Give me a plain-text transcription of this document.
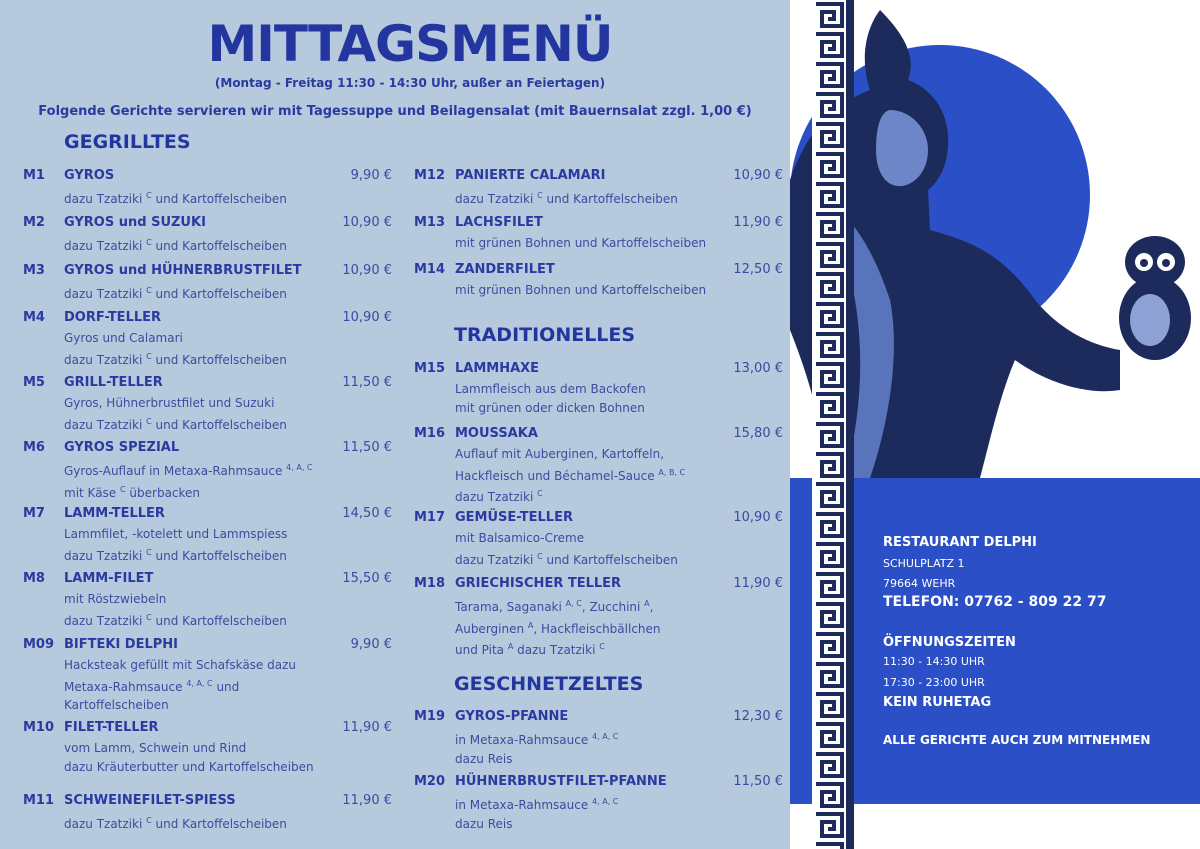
MITTAGSMENÜ
(Montag - Freitag 11:30 - 14:30 Uhr, außer an Feiertagen)
Folgende Gerichte servieren wir mit Tagessuppe und Beilagensalat (mit Bauernsalat zzgl. 1,00 €)
GEGRILLTES
TRADITIONELLES
GESCHNETZELTES
M1 GYROS	9,90 €
dazu Tzatziki $^C$ und Kartoffelscheiben
M2 GYROS und SUZUKI	10,90 €
dazu Tzatziki $^C$ und Kartoffelscheiben
M3 GYROS und HÜHNERBRUSTFILET	10,90 €
dazu Tzatziki $^C$ und Kartoffelscheiben
M4 DORF-TELLER	10,90 €
Gyros und Calamari
dazu Tzatziki $^C$ und Kartoffelscheiben
M5 GRILL-TELLER	11,50 €
Gyros, Hühnerbrustfilet und Suzuki
dazu Tzatziki $^C$ und Kartoffelscheiben
M6 GYROS SPEZIAL	11,50 €
Gyros-Auflauf in Metaxa-Rahmsauce $^{4, A, C}$
mit Käse $^C$ überbacken
M7 LAMM-TELLER	14,50 €
Lammfilet, -kotelett und Lammspiess
dazu Tzatziki $^C$ und Kartoffelscheiben
M8 LAMM-FILET	15,50 €
mit Röstzwiebeln
dazu Tzatziki $^C$ und Kartoffelscheiben
M09 BIFTEKI DELPHI	9,90 €
Hacksteak gefüllt mit Schafskäse dazu
Metaxa-Rahmsauce $^{4, A, C}$ und
Kartoffelscheiben
M10 FILET-TELLER	11,90 €
vom Lamm, Schwein und Rind
dazu Kräuterbutter und Kartoffelscheiben
M11 SCHWEINEFILET-SPIESS	11,90 €
dazu Tzatziki $^C$ und Kartoffelscheiben
M12 PANIERTE CALAMARI	10,90 €
dazu Tzatziki $^C$ und Kartoffelscheiben
M13 LACHSFILET	11,90 €
mit grünen Bohnen und Kartoffelscheiben
M14 ZANDERFILET	12,50 €
mit grünen Bohnen und Kartoffelscheiben
M15 LAMMHAXE	13,00 €
Lammfleisch aus dem Backofen
mit grünen oder dicken Bohnen
M16 MOUSSAKA	15,80 €
Auflauf mit Auberginen, Kartoffeln,
Hackfleisch und Béchamel-Sauce $^{A, B, C}$
dazu Tzatziki $^C$
M17 GEMÜSE-TELLER	10,90 €
mit Balsamico-Creme
dazu Tzatziki $^C$ und Kartoffelscheiben
M18 GRIECHISCHER TELLER	11,90 €
Tarama, Saganaki $^{A, C}$, Zucchini $^A$,
Auberginen $^A$, Hackfleischbällchen
und Pita $^A$ dazu Tzatziki $^C$
M19 GYROS-PFANNE	12,30 €
in Metaxa-Rahmsauce $^{4, A, C}$
dazu Reis
M20 HÜHNERBRUSTFILET-PFANNE	11,50 €
in Metaxa-Rahmsauce $^{4, A, C}$
dazu Reis
RESTAURANT DELPHI
SCHULPLATZ 1
79664 WEHR
TELEFON: 07762 - 809 22 77
ÖFFNUNGSZEITEN
11:30 - 14:30 UHR
17:30 - 23:00 UHR
KEIN RUHETAG
ALLE GERICHTE AUCH ZUM MITNEHMEN
